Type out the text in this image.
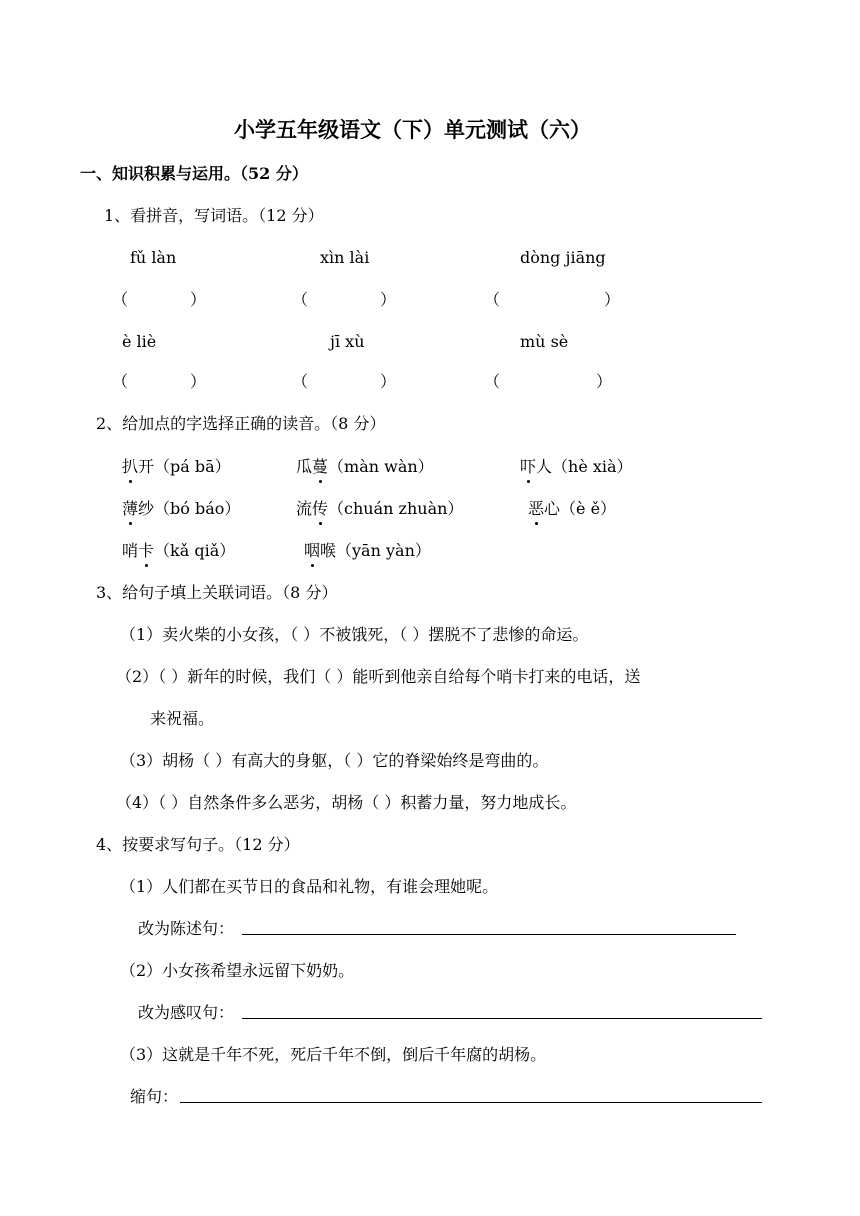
小学五年级语文（下）单元测试（六）
一、知识积累与运用。（52 分）
1、看拼音，写词语。（12 分）
fǔ làn	xìn lài	dòng jiāng
（	）	（	）	（	）
è liè	jī xù	mù sè
（	）	（	）	（	）
2、给加点的字选择正确的读音。（8 分）
扒开（pá bā）	瓜蔓（màn wàn）	吓人（hè xià）
薄纱（bó báo）	流传（chuán zhuàn）	恶心（è ě）
哨卡（kǎ qiǎ）	咽喉（yān yàn）
3、给句子填上关联词语。（8 分）
（1）卖火柴的小女孩，（ ）不被饿死，（ ）摆脱不了悲惨的命运。
（2）（ ）新年的时候，我们（ ）能听到他亲自给每个哨卡打来的电话，送
来祝福。
（3）胡杨（ ）有高大的身躯，（ ）它的脊梁始终是弯曲的。
（4）（ ）自然条件多么恶劣，胡杨（ ）积蓄力量，努力地成长。
4、按要求写句子。（12 分）
（1）人们都在买节日的食品和礼物，有谁会理她呢。
改为陈述句：
（2）小女孩希望永远留下奶奶。
改为感叹句：
（3）这就是千年不死，死后千年不倒，倒后千年腐的胡杨。
缩句：
